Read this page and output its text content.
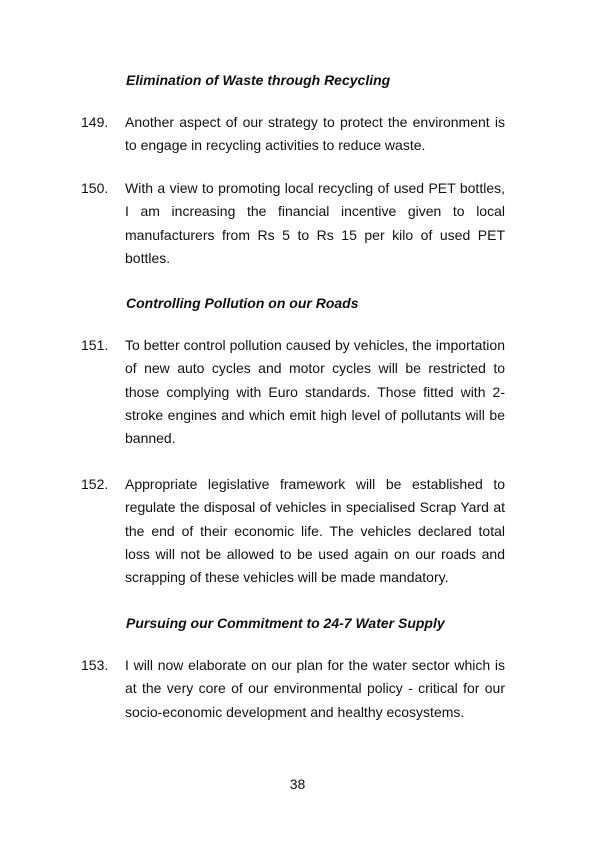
Elimination of Waste through Recycling
149. Another aspect of our strategy to protect the environment is to engage in recycling activities to reduce waste.
150. With a view to promoting local recycling of used PET bottles, I am increasing the financial incentive given to local manufacturers from Rs 5 to Rs 15 per kilo of used PET bottles.
Controlling Pollution on our Roads
151. To better control pollution caused by vehicles, the importation of new auto cycles and motor cycles will be restricted to those complying with Euro standards. Those fitted with 2-stroke engines and which emit high level of pollutants will be banned.
152. Appropriate legislative framework will be established to regulate the disposal of vehicles in specialised Scrap Yard at the end of their economic life. The vehicles declared total loss will not be allowed to be used again on our roads and scrapping of these vehicles will be made mandatory.
Pursuing our Commitment to 24-7 Water Supply
153. I will now elaborate on our plan for the water sector which is at the very core of our environmental policy - critical for our socio-economic development and healthy ecosystems.
38
